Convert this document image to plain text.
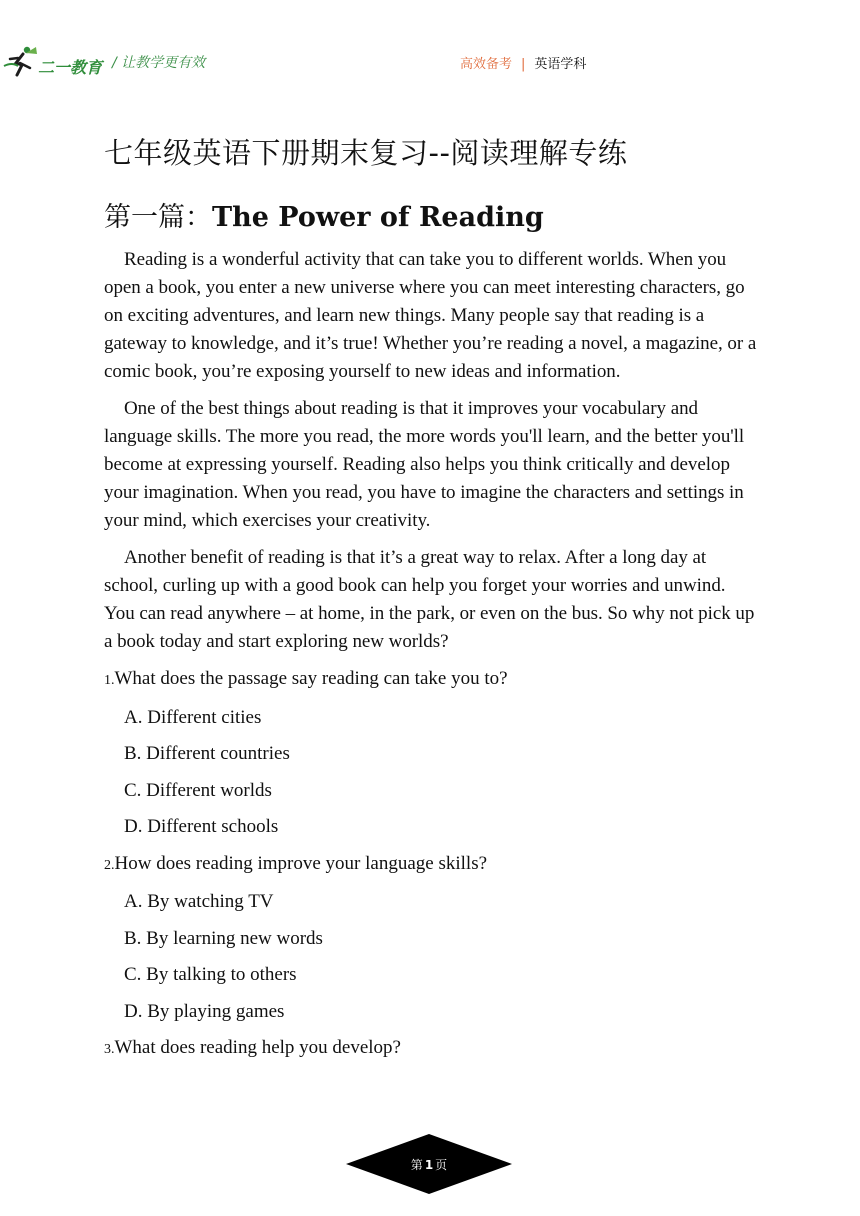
二一教育 / 让教学更有效	高效备考 | 英语学科
七年级英语下册期末复习--阅读理解专练
第一篇：The Power of Reading

Reading is a wonderful activity that can take you to different worlds. When you open a book, you enter a new universe where you can meet interesting characters, go on exciting adventures, and learn new things. Many people say that reading is a gateway to knowledge, and it’s true! Whether you’re reading a novel, a magazine, or a comic book, you’re exposing yourself to new ideas and information.

One of the best things about reading is that it improves your vocabulary and language skills. The more you read, the more words you'll learn, and the better you'll become at expressing yourself. Reading also helps you think critically and develop your imagination. When you read, you have to imagine the characters and settings in your mind, which exercises your creativity.

Another benefit of reading is that it’s a great way to relax. After a long day at school, curling up with a good book can help you forget your worries and unwind. You can read anywhere – at home, in the park, or even on the bus. So why not pick up a book today and start exploring new worlds?

1.What does the passage say reading can take you to?
A. Different cities
B. Different countries
C. Different worlds
D. Different schools
2.How does reading improve your language skills?
A. By watching TV
B. By learning new words
C. By talking to others
D. By playing games
3.What does reading help you develop?
第 1 页
